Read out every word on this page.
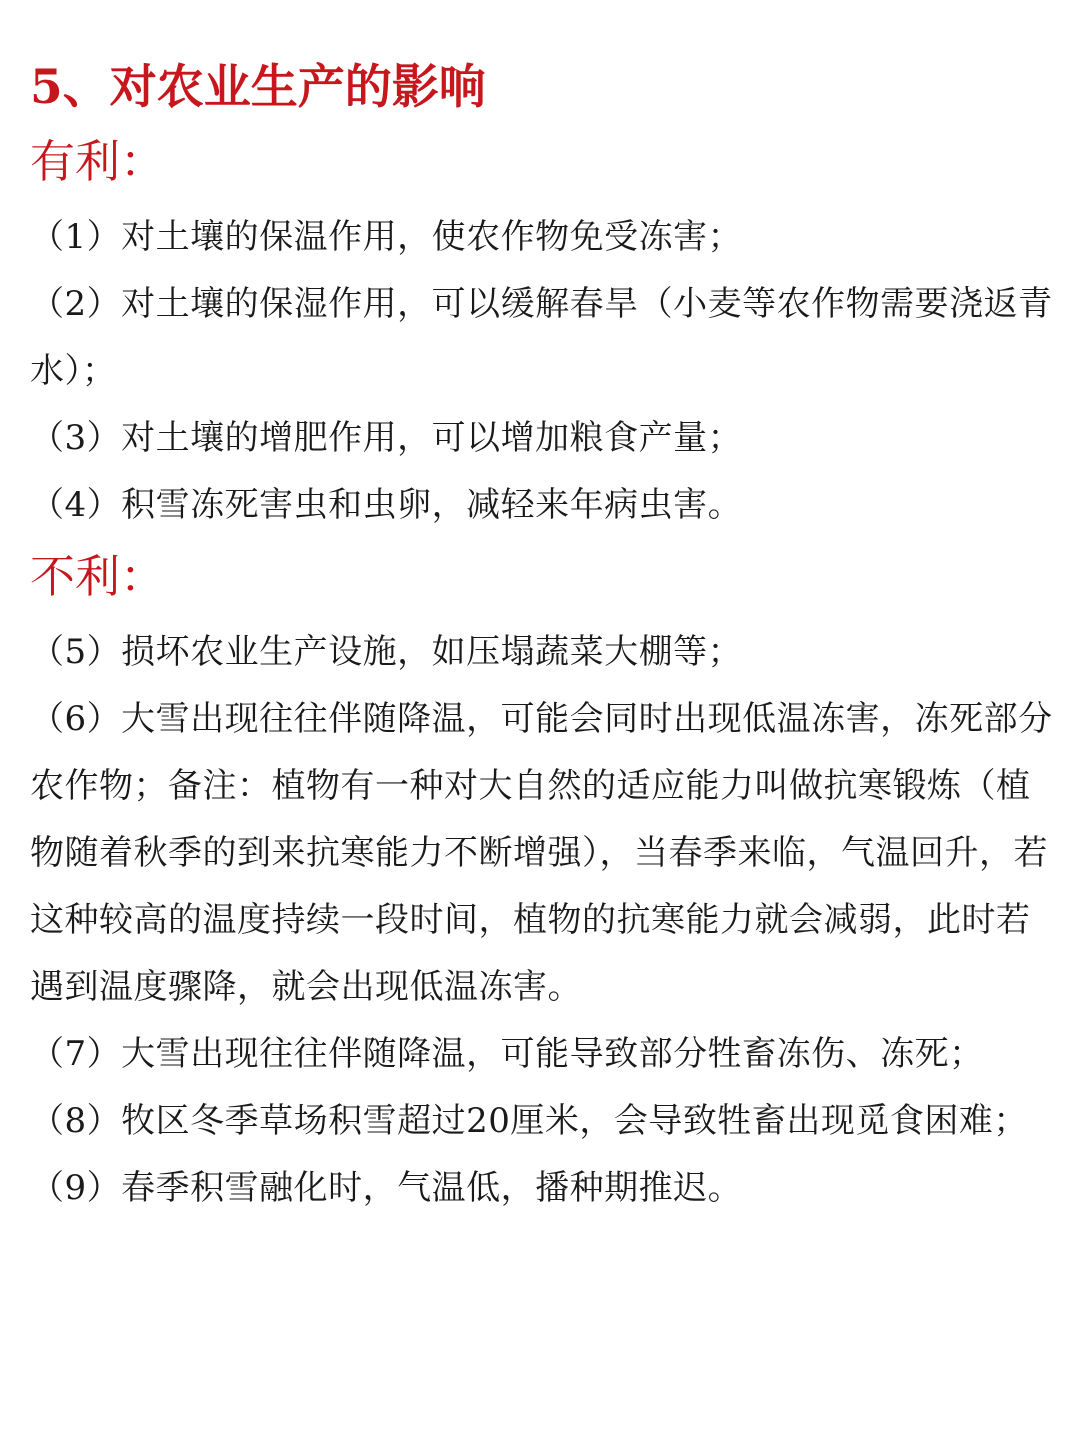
5、对农业生产的影响
有利：

（1）对土壤的保温作用，使农作物免受冻害；

（2）对土壤的保湿作用，可以缓解春旱（小麦等农作物需要浇返青水）；

（3）对土壤的增肥作用，可以增加粮食产量；

（4）积雪冻死害虫和虫卵，减轻来年病虫害。

不利：

（5）损坏农业生产设施，如压塌蔬菜大棚等；

（6）大雪出现往往伴随降温，可能会同时出现低温冻害，冻死部分农作物；备注：植物有一种对大自然的适应能力叫做抗寒锻炼（植物随着秋季的到来抗寒能力不断增强），当春季来临，气温回升，若这种较高的温度持续一段时间，植物的抗寒能力就会减弱，此时若遇到温度骤降，就会出现低温冻害。

（7）大雪出现往往伴随降温，可能导致部分牲畜冻伤、冻死；

（8）牧区冬季草场积雪超过20厘米，会导致牲畜出现觅食困难；

（9）春季积雪融化时，气温低，播种期推迟。
